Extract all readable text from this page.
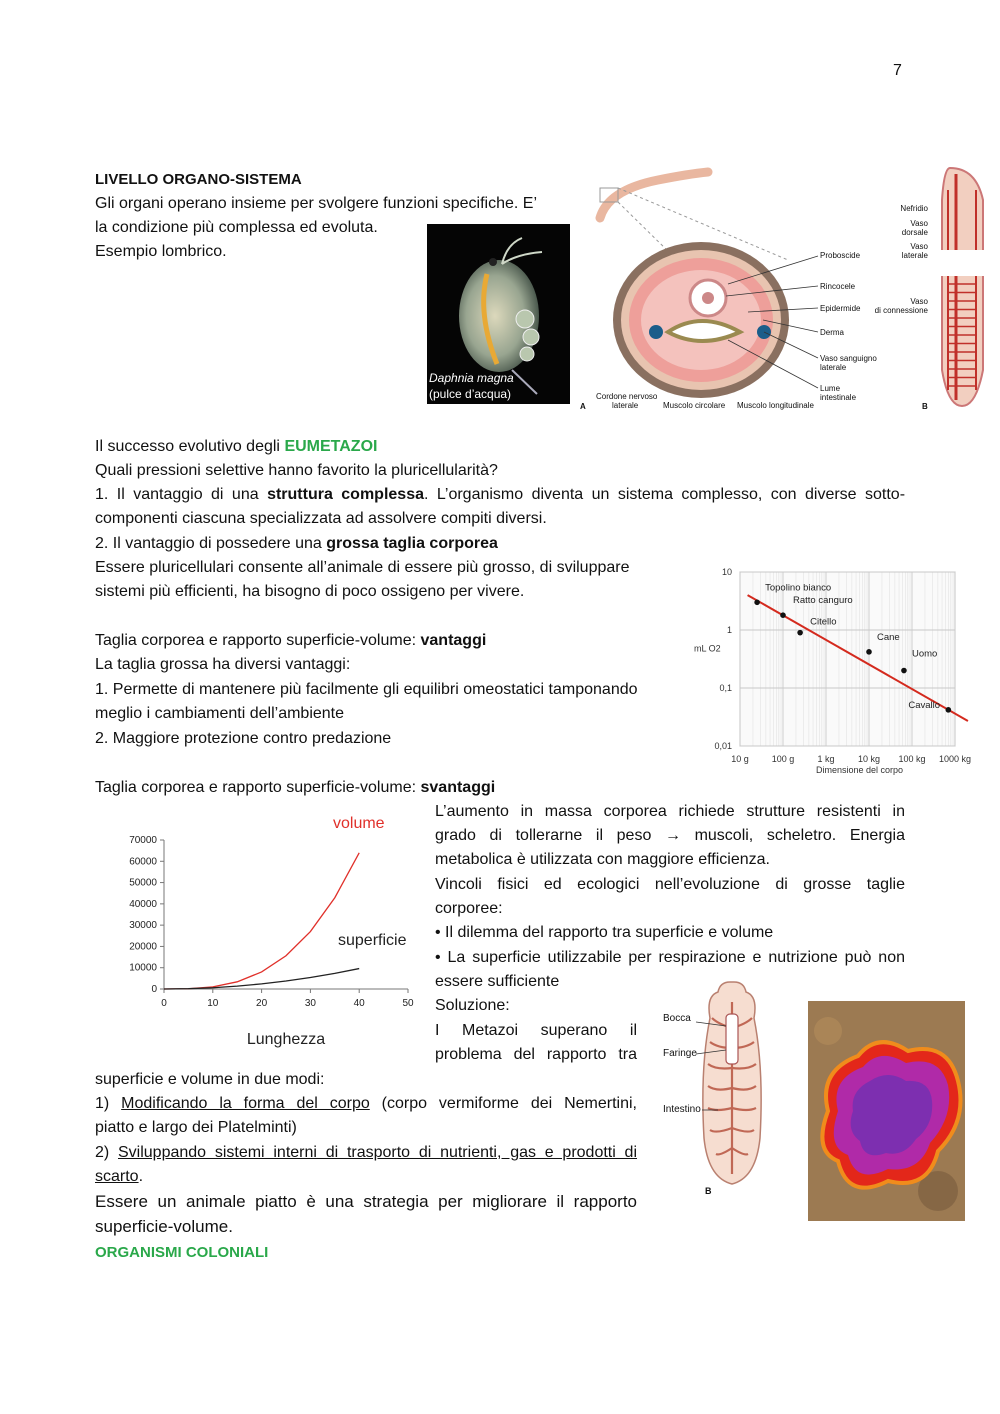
7
LIVELLO ORGANO-SISTEMA
Gli organi operano insieme per svolgere funzioni specifiche. E’
la condizione più complessa ed evoluta.
Esempio lombrico.
Daphnia magna
(pulce d’acqua)
Proboscide
Rincocele
Epidermide
Derma
Vaso sanguigno
laterale
Lume
intestinale
Cordone nervoso
laterale	Muscolo circolare Muscolo longitudinale
A	B
Nefridio
Vaso
dorsale
Vaso
laterale
Vaso
di connessione
Il successo evolutivo degli EUMETAZOI
Quali pressioni selettive hanno favorito la pluricellularità?
1. Il vantaggio di una struttura complessa. L’organismo diventa un sistema complesso, con diverse sotto-
componenti ciascuna specializzata ad assolvere compiti diversi.
2. Il vantaggio di possedere una grossa taglia corporea
Essere pluricellulari consente all’animale di essere più grosso, di sviluppare
sistemi più efficienti, ha bisogno di poco ossigeno per vivere.
Taglia corporea e rapporto superficie-volume: vantaggi
La taglia grossa ha diversi vantaggi:
1. Permette di mantenere più facilmente gli equilibri omeostatici tamponando
meglio i cambiamenti dell’ambiente
2. Maggiore protezione contro predazione
10 g	100 g	1 kg	10 kg 100 kg 1000 kg
10
1
0,1
0,01
Dimensione del corpo
mL O2
Topolino bianco
Ratto canguro
Citello
Cane
Uomo
Cavallo
Taglia corporea e rapporto superficie-volume: svantaggi
0	10	20	30	40	50
0
10000
20000
30000
40000
50000
60000
70000
volume
superficie
Lunghezza
L’aumento in massa corporea richiede strutture resistenti in
grado di tollerarne il peso → muscoli, scheletro. Energia
metabolica è utilizzata con maggiore efficienza.
Vincoli fisici ed ecologici nell’evoluzione di grosse taglie
corporee:
• Il dilemma del rapporto tra superficie e volume
• La superficie utilizzabile per respirazione e nutrizione può non
essere sufficiente
Soluzione:
I Metazoi superano il
problema del rapporto tra
superficie e volume in due modi:
1) Modificando la forma del corpo (corpo vermiforme dei Nemertini,
piatto e largo dei Platelminti)
2) Sviluppando sistemi interni di trasporto di nutrienti, gas e prodotti di
scarto.
Essere un animale piatto è una strategia per migliorare il rapporto
superficie-volume.
ORGANISMI COLONIALI
Bocca
Faringe
Intestino
B
